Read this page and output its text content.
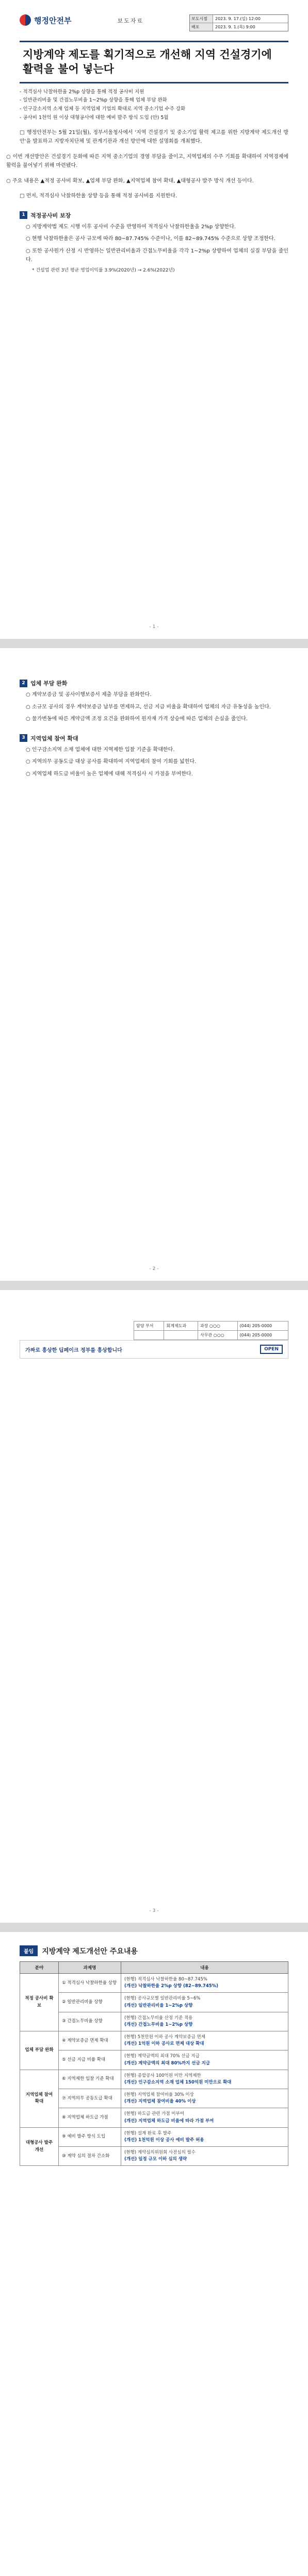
행정안전부	보도자료	보도시점	2023. 9. 17.(일) 12:00
배포	2023. 9. 1.(목) 9:00
지방계약 제도를 획기적으로 개선해 지역 건설경기에 활력을 불어 넣는다
- 적격심사 낙찰하한율 2%p 상향을 통해 적정 공사비 지원
- 일반관리비율 및 간접노무비율 1~2%p 상향을 통해 업체 부담 완화
- 인구감소지역 소재 업체 등 지역업체 기업의 확대로 지역 중소기업 수주 강화
- 공사비 1천억 원 이상 대형공사에 대한 예비 발주 방식 도입 (안) 5월
□ 행정안전부는 5월 21일(월), 정부서울청사에서 '지역 건설경기 및 중소기업 활력 제고를 위한 지방계약 제도개선 방안'을 발표하고 지방자치단체 및 관계기관과 개선 방안에 대한 설명회를 개최했다.
○ 이번 개선방안은 건설경기 둔화에 따른 지역 중소기업의 경영 부담을 줄이고, 지역업체의 수주 기회를 확대하여 지역경제에 활력을 불어넣기 위해 마련됐다.
○ 주요 내용은 ▲적정 공사비 확보, ▲업체 부담 완화, ▲지역업체 참여 확대, ▲대형공사 발주 방식 개선 등이다.
□ 먼저, 적격심사 낙찰하한율 상향 등을 통해 적정 공사비를 지원한다.
1 적정공사비 보장
○ 지방계약법 제도 시행 이후 공사비 수준을 반영하여 적격심사 낙찰하한율을 2%p 상향한다.
○ 현행 낙찰하한율은 공사 규모에 따라 80~87.745% 수준이나, 이를 82~89.745% 수준으로 상향 조정한다.
○ 또한 공사원가 산정 시 반영하는 일반관리비율과 간접노무비율을 각각 1~2%p 상향하여 업체의 실질 부담을 줄인다.
* 건설업 관련 3년 평균 영업이익률 3.9%(2020년) → 2.6%(2022년)
- 1 -
2 업체 부담 완화
○ 계약보증금 및 공사이행보증서 제출 부담을 완화한다.
○ 소규모 공사의 경우 계약보증금 납부를 면제하고, 선금 지급 비율을 확대하여 업체의 자금 유동성을 높인다.
○ 물가변동에 따른 계약금액 조정 요건을 완화하여 원자재 가격 상승에 따른 업체의 손실을 줄인다.
3 지역업체 참여 확대
○ 인구감소지역 소재 업체에 대한 지역제한 입찰 기준을 확대한다.
○ 지역의무 공동도급 대상 공사를 확대하여 지역업체의 참여 기회를 넓힌다.
○ 지역업체 하도급 비율이 높은 업체에 대해 적격심사 시 가점을 부여한다.
- 2 -
담당 부서	회계제도과	과장 ○○○	(044) 205-0000
		사무관 ○○○	(044) 205-0000
가짜로 흥상한 딥페이크 정부를 흥상합니다	OPEN
- 3 -
붙임	지방계약 제도개선안 주요내용
분야	과제명	내용
적정 공사비 확보	① 적격심사 낙찰하한율 상향	(현행) 적격심사 낙찰하한율 80~87.745%
(개선) 낙찰하한율 2%p 상향 (82~89.745%)

	② 일반관리비율 상향	(현행) 공사규모별 일반관리비율 5~6%
(개선) 일반관리비율 1~2%p 상향

	③ 간접노무비율 상향	(현행) 간접노무비율 산정 기준 적용
(개선) 간접노무비율 1~2%p 상향

업체 부담 완화	④ 계약보증금 면제 확대	(현행) 5천만원 이하 공사 계약보증금 면제
(개선) 1억원 이하 공사로 면제 대상 확대

	⑤ 선금 지급 비율 확대	(현행) 계약금액의 최대 70% 선금 지급
(개선) 계약금액의 최대 80%까지 선금 지급

지역업체 참여 확대	⑥ 지역제한 입찰 기준 확대	(현행) 종합공사 100억원 미만 지역제한
(개선) 인구감소지역 소재 업체 150억원 미만으로 확대

	⑦ 지역의무 공동도급 확대	(현행) 지역업체 참여비율 30% 이상
(개선) 지역업체 참여비율 40% 이상

	⑧ 지역업체 하도급 가점	(현행) 하도급 관련 가점 미부여
(개선) 지역업체 하도급 비율에 따라 가점 부여

대형공사 발주 개선	⑨ 예비 발주 방식 도입	(현행) 설계 완료 후 발주
(개선) 1천억원 이상 공사 예비 발주 허용

	⑩ 계약 심의 절차 간소화	(현행) 계약심의위원회 사전심의 필수
(개선) 일정 규모 이하 심의 생략
